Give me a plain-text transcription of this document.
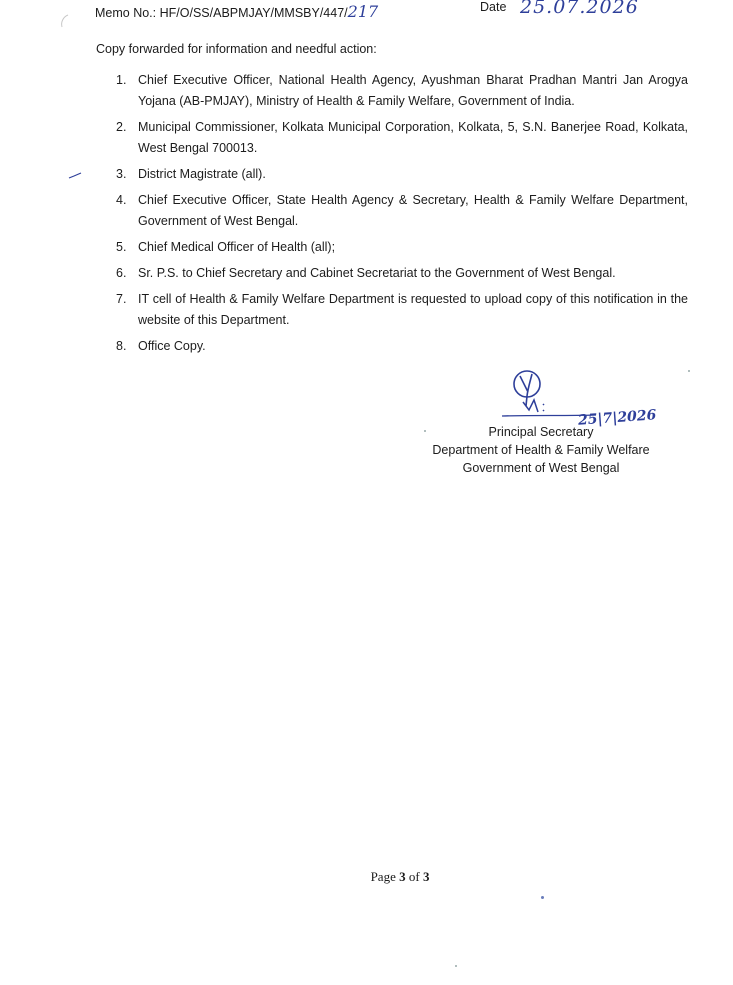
Memo No.: HF/O/SS/ABPMJAY/MMSBY/447/217	Date 25.07.2026
Copy forwarded for information and needful action:
1. Chief Executive Officer, National Health Agency, Ayushman Bharat Pradhan Mantri Jan Arogya Yojana (AB-PMJAY), Ministry of Health & Family Welfare, Government of India.
2. Municipal Commissioner, Kolkata Municipal Corporation, Kolkata, 5, S.N. Banerjee Road, Kolkata, West Bengal 700013.
3. District Magistrate (all).
4. Chief Executive Officer, State Health Agency & Secretary, Health & Family Welfare Department, Government of West Bengal.
5. Chief Medical Officer of Health (all);
6. Sr. P.S. to Chief Secretary and Cabinet Secretariat to the Government of West Bengal.
7. IT cell of Health & Family Welfare Department is requested to upload copy of this notification in the website of this Department.
8. Office Copy.
25|7|2026
Principal Secretary
Department of Health & Family Welfare
Government of West Bengal
Page 3 of 3
